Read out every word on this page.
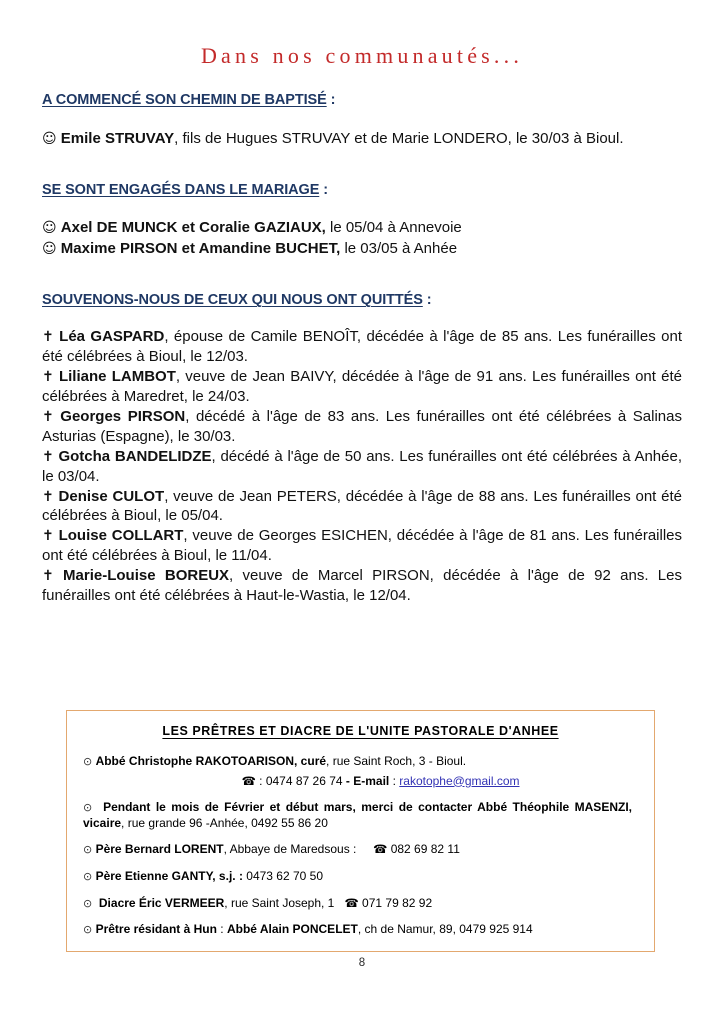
Dans nos communautés...
A COMMENCÉ SON CHEMIN DE BAPTISÉ :
☺ Emile STRUVAY, fils de Hugues STRUVAY et de Marie LONDERO, le 30/03 à Bioul.
SE SONT ENGAGÉS DANS LE MARIAGE :
☺ Axel DE MUNCK et Coralie GAZIAUX, le 05/04 à Annevoie
☺ Maxime PIRSON et Amandine BUCHET, le 03/05 à Anhée
SOUVENONS-NOUS DE CEUX QUI NOUS ONT QUITTÉS :
✝ Léa GASPARD, épouse de Camile BENOÎT, décédée à l'âge de 85 ans. Les funérailles ont été célébrées à Bioul, le 12/03.
✝ Liliane LAMBOT, veuve de Jean BAIVY, décédée à l'âge de 91 ans. Les funérailles ont été célébrées à Maredret, le 24/03.
✝ Georges PIRSON, décédé à l'âge de 83 ans. Les funérailles ont été célébrées à Salinas Asturias (Espagne), le 30/03.
✝ Gotcha BANDELIDZE, décédé à l'âge de 50 ans. Les funérailles ont été célébrées à Anhée, le 03/04.
✝ Denise CULOT, veuve de Jean PETERS, décédée à l'âge de 88 ans. Les funérailles ont été célébrées à Bioul, le 05/04.
✝ Louise COLLART, veuve de Georges ESICHEN, décédée à l'âge de 81 ans. Les funérailles ont été célébrées à Bioul, le 11/04.
✝ Marie-Louise BOREUX, veuve de Marcel PIRSON, décédée à l'âge de 92 ans. Les funérailles ont été célébrées à Haut-le-Wastia, le 12/04.
LES PRÊTRES ET DIACRE DE L'UNITE PASTORALE D'ANHEE
⊙ Abbé Christophe RAKOTOARISON, curé, rue Saint Roch, 3 - Bioul.
☎ : 0474 87 26 74 - E-mail : rakotophe@gmail.com
⊙ Pendant le mois de Février et début mars, merci de contacter Abbé Théophile MASENZI, vicaire, rue grande 96 -Anhée, 0492 55 86 20
⊙ Père Bernard LORENT, Abbaye de Maredsous : ☎ 082 69 82 11
⊙ Père Etienne GANTY, s.j. : 0473 62 70 50
⊙ Diacre Éric VERMEER, rue Saint Joseph, 1 ☎ 071 79 82 92
⊙ Prêtre résidant à Hun : Abbé Alain PONCELET, ch de Namur, 89, 0479 925 914
8
